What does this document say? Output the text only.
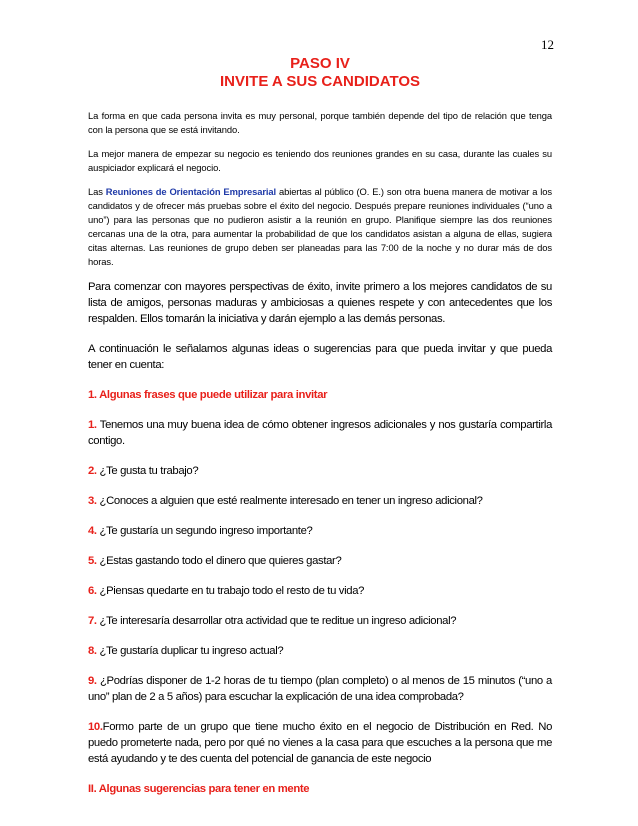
12
PASO IV
INVITE A SUS CANDIDATOS

La forma en que cada persona invita es muy personal, porque también depende del tipo de relación que tenga con la persona que se está invitando.

La mejor manera de empezar su negocio es teniendo dos reuniones grandes en su casa, durante las cuales su auspiciador explicará el negocio.

Las Reuniones de Orientación Empresarial abiertas al público (O. E.) son otra buena manera de motivar a los candidatos y de ofrecer más pruebas sobre el éxito del negocio. Después prepare reuniones individuales (“uno a uno”) para las personas que no pudieron asistir a la reunión en grupo. Planifique siempre las dos reuniones cercanas una de la otra, para aumentar la probabilidad de que los candidatos asistan a alguna de ellas, sugiera citas alternas. Las reuniones de grupo deben ser planeadas para las 7:00 de la noche y no durar más de dos horas.

Para comenzar con mayores perspectivas de éxito, invite primero a los mejores candidatos de su lista de amigos, personas maduras y ambiciosas a quienes respete y con antecedentes que los respalden. Ellos tomarán la iniciativa y darán ejemplo a las demás personas.

A continuación le señalamos algunas ideas o sugerencias para que pueda invitar y que pueda tener en cuenta:

1. Algunas frases que puede utilizar para invitar

1. Tenemos una muy buena idea de cómo obtener ingresos adicionales y nos gustaría compartirla contigo.

2. ¿Te gusta tu trabajo?

3. ¿Conoces a alguien que esté realmente interesado en tener un ingreso adicional?

4. ¿Te gustaría un segundo ingreso importante?

5. ¿Estas gastando todo el dinero que quieres gastar?

6. ¿Piensas quedarte en tu trabajo todo el resto de tu vida?

7. ¿Te interesaría desarrollar otra actividad que te reditue un ingreso adicional?

8. ¿Te gustaría duplicar tu ingreso actual?

9. ¿Podrías disponer de 1-2 horas de tu tiempo (plan completo) o al menos de 15 minutos (“uno a uno” plan de 2 a 5 años) para escuchar la explicación de una idea comprobada?

10.Formo parte de un grupo que tiene mucho éxito en el negocio de Distribución en Red. No puedo prometerte nada, pero por qué no vienes a la casa para que escuches a la persona que me está ayudando y te des cuenta del potencial de ganancia de este negocio

II. Algunas sugerencias para tener en mente
